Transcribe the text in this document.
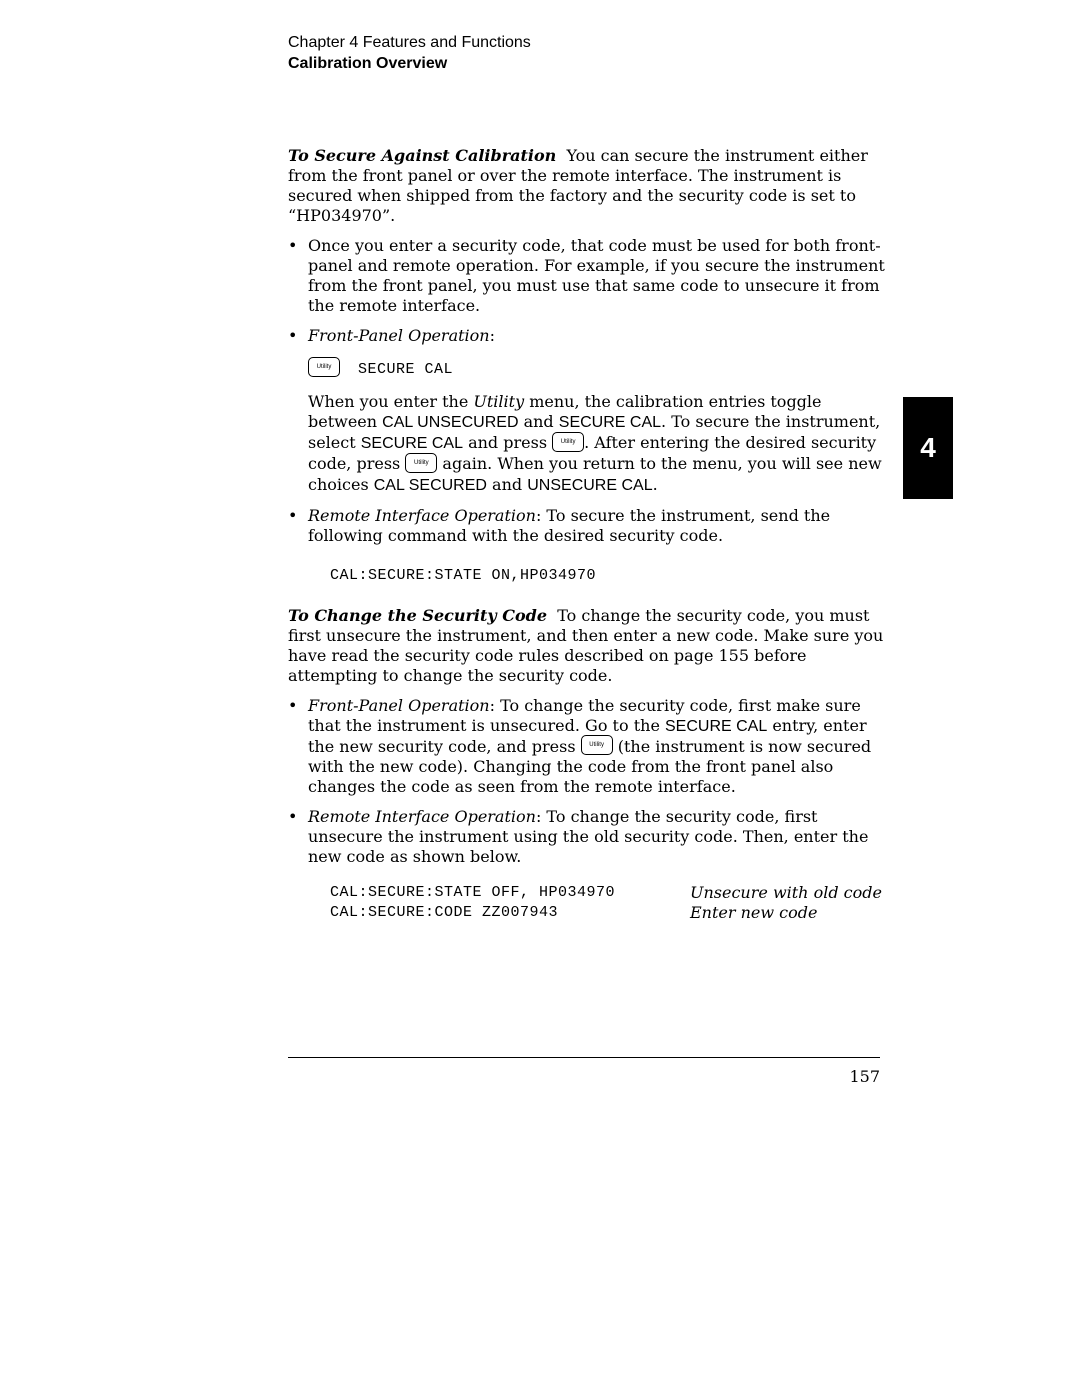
Chapter 4 Features and Functions
Calibration Overview

To Secure Against Calibration You can secure the instrument either from the front panel or over the remote interface. The instrument is secured when shipped from the factory and the security code is set to “HP034970”.

• Once you enter a security code, that code must be used for both front-panel and remote operation. For example, if you secure the instrument from the front panel, you must use that same code to unsecure it from the remote interface.
• Front-Panel Operation:
Utility SECURE CAL

When you enter the Utility menu, the calibration entries toggle between CAL UNSECURED and SECURE CAL. To secure the instrument, select SECURE CAL and press Utility . After entering the desired security code, press Utility again. When you return to the menu, you will see new choices CAL SECURED and UNSECURE CAL.

• Remote Interface Operation: To secure the instrument, send the following command with the desired security code.
CAL:SECURE:STATE ON,HP034970

To Change the Security Code To change the security code, you must first unsecure the instrument, and then enter a new code. Make sure you have read the security code rules described on page 155 before attempting to change the security code.

• Front-Panel Operation: To change the security code, first make sure that the instrument is unsecured. Go to the SECURE CAL entry, enter the new security code, and press Utility (the instrument is now secured with the new code). Changing the code from the front panel also changes the code as seen from the remote interface.
• Remote Interface Operation: To change the security code, first unsecure the instrument using the old security code. Then, enter the new code as shown below.
CAL:SECURE:STATE OFF, HP034970	Unsecure with old code
CAL:SECURE:CODE ZZ007943	Enter new code
4
157
